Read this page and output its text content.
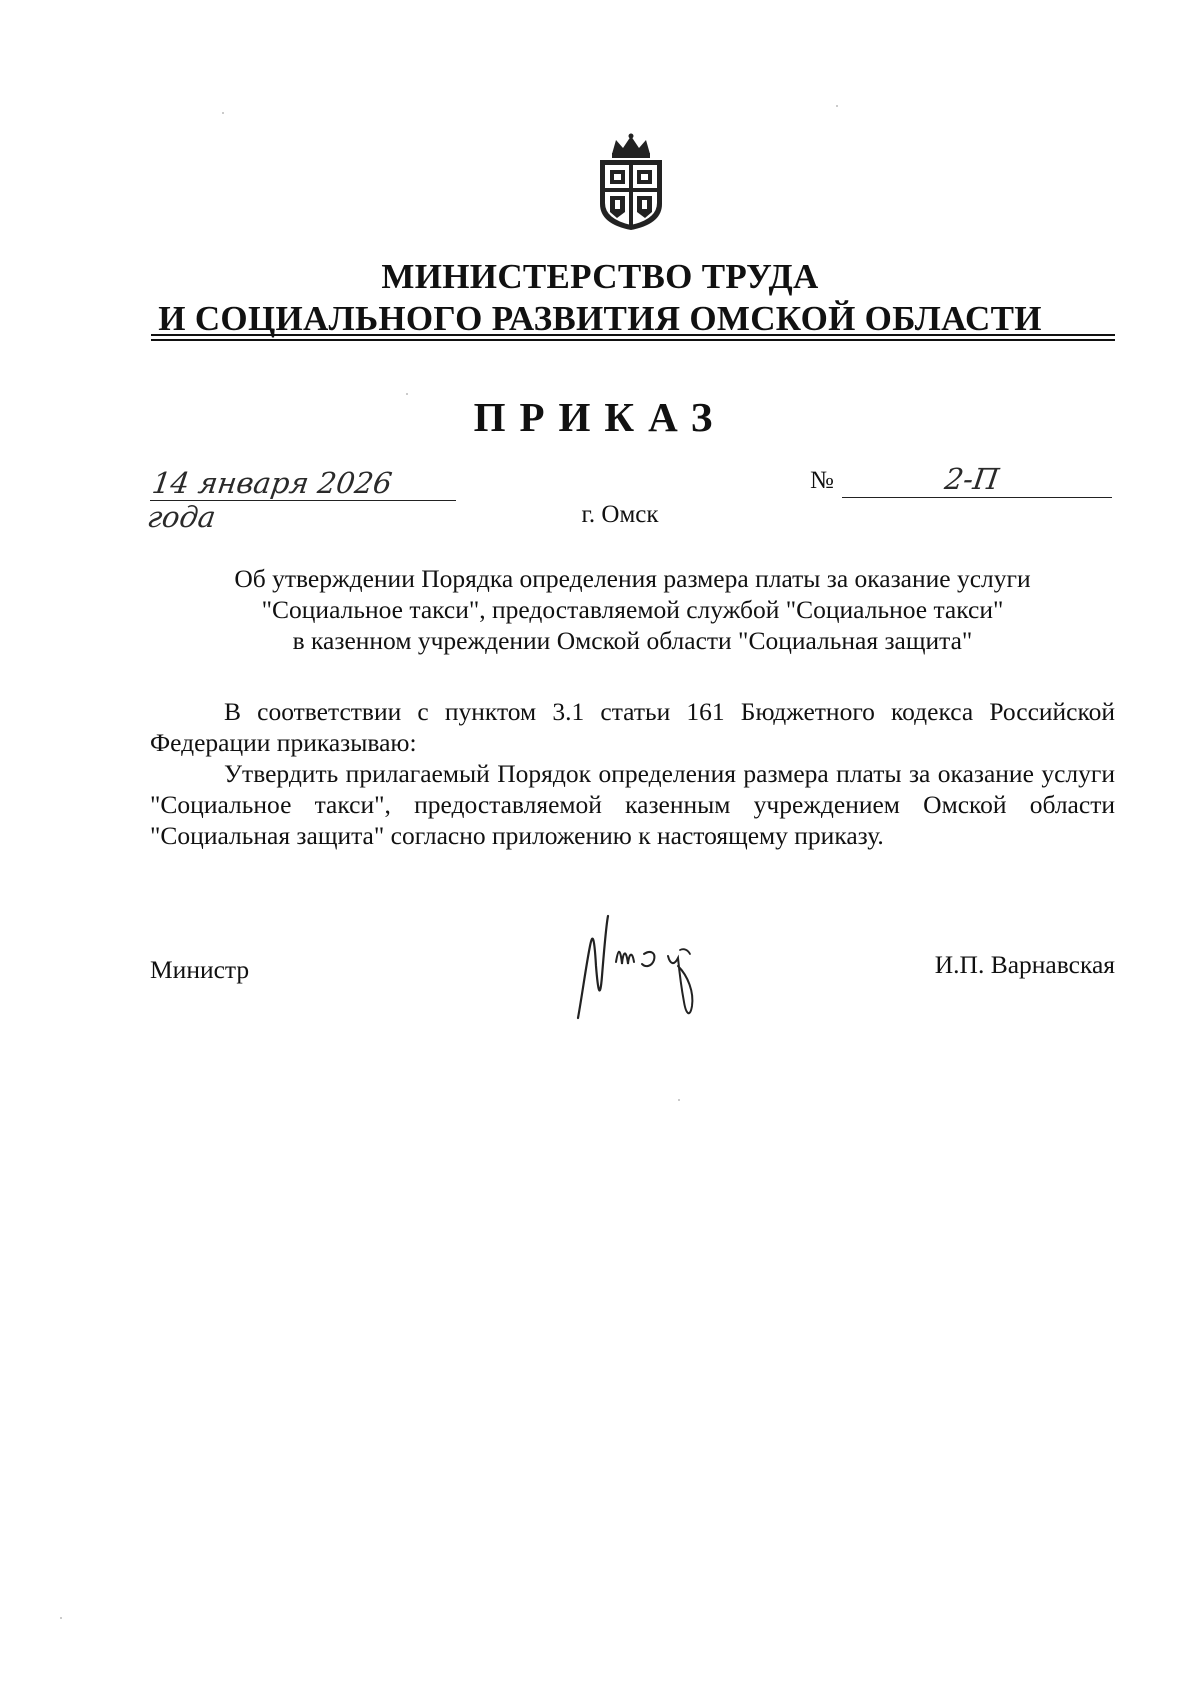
МИНИСТЕРСТВО ТРУДА
И СОЦИАЛЬНОГО РАЗВИТИЯ ОМСКОЙ ОБЛАСТИ
ПРИКАЗ
14 января 2026 года
№	2-П
г. Омск
Об утверждении Порядка определения размера платы за оказание услуги
"Социальное такси", предоставляемой службой "Социальное такси"
в казенном учреждении Омской области "Социальная защита"

В соответствии с пунктом 3.1 статьи 161 Бюджетного кодекса Российской Федерации приказываю:

Утвердить прилагаемый Порядок определения размера платы за оказание услуги "Социальное такси", предоставляемой казенным учреждением Омской области "Социальная защита" согласно приложению к настоящему приказу.

Министр	И.П. Варнавская
